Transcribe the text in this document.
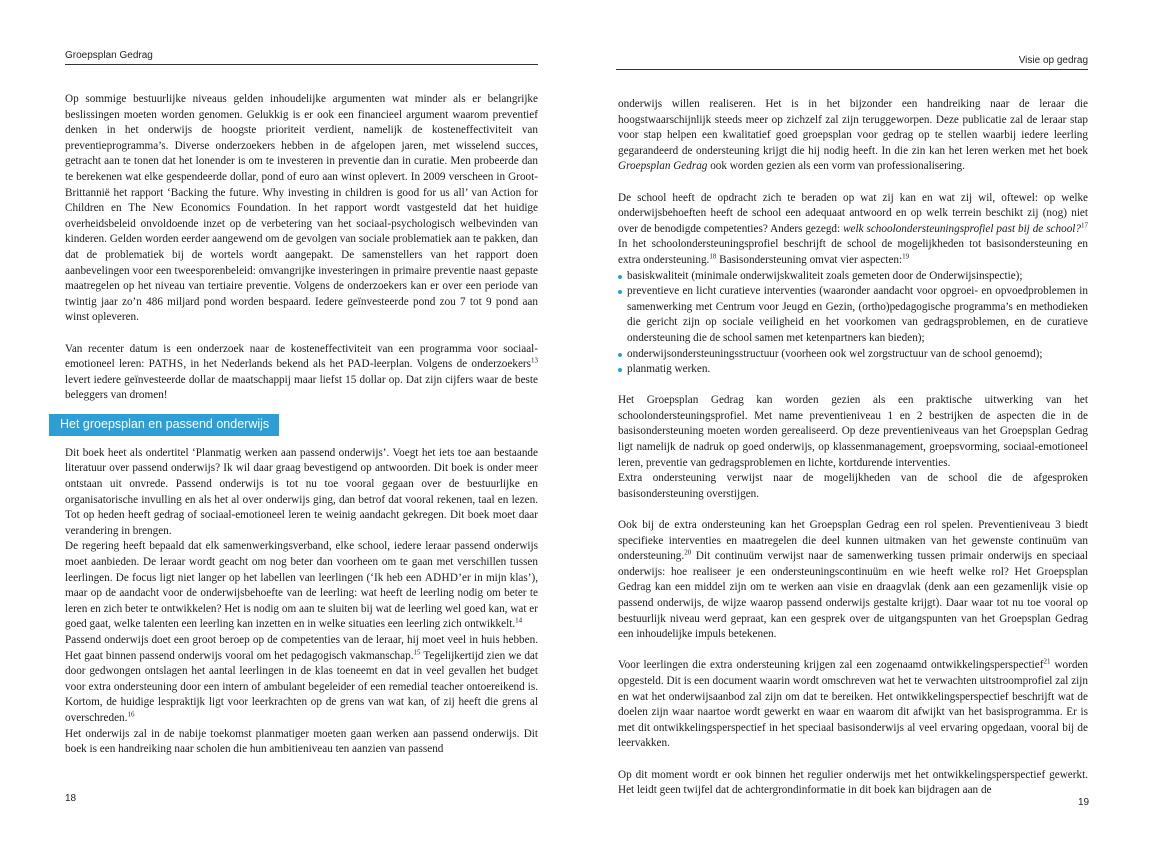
Groepsplan Gedrag

Op sommige bestuurlijke niveaus gelden inhoudelijke argumenten wat minder als er belangrijke beslissingen moeten worden genomen. Gelukkig is er ook een financieel argument waarom preventief denken in het onderwijs de hoogste prioriteit verdient, namelijk de kosteneffectiviteit van preventieprogramma’s. Diverse onderzoekers hebben in de afgelopen jaren, met wisselend succes, getracht aan te tonen dat het lonender is om te investeren in preventie dan in curatie. Men probeerde dan te berekenen wat elke gespendeerde dollar, pond of euro aan winst oplevert. In 2009 verscheen in Groot-Brittannië het rapport ‘Backing the future. Why investing in children is good for us all’ van Action for Children en The New Economics Foundation. In het rapport wordt vastgesteld dat het huidige overheidsbeleid onvoldoende inzet op de verbetering van het sociaal-psychologisch welbevinden van kinderen. Gelden worden eerder aangewend om de gevolgen van sociale problematiek aan te pakken, dan dat de problematiek bij de wortels wordt aangepakt. De samenstellers van het rapport doen aanbevelingen voor een tweesporenbeleid: omvangrijke investeringen in primaire preventie naast gepaste maatregelen op het niveau van tertiaire preventie. Volgens de onderzoekers kan er over een periode van twintig jaar zo’n 486 miljard pond worden bespaard. Iedere geïnvesteerde pond zou 7 tot 9 pond aan winst opleveren.

Van recenter datum is een onderzoek naar de kosteneffectiviteit van een programma voor sociaal-emotioneel leren: PATHS, in het Nederlands bekend als het PAD-leerplan. Volgens de onderzoekers$^{13}$ levert iedere geïnvesteerde dollar de maatschappij maar liefst 15 dollar op. Dat zijn cijfers waar de beste beleggers van dromen!

Het groepsplan en passend onderwijs

Dit boek heet als ondertitel ‘Planmatig werken aan passend onderwijs’. Voegt het iets toe aan bestaande literatuur over passend onderwijs? Ik wil daar graag bevestigend op antwoorden. Dit boek is onder meer ontstaan uit onvrede. Passend onderwijs is tot nu toe vooral gegaan over de bestuurlijke en organisatorische invulling en als het al over onderwijs ging, dan betrof dat vooral rekenen, taal en lezen. Tot op heden heeft gedrag of sociaal-emotioneel leren te weinig aandacht gekregen. Dit boek moet daar verandering in brengen.

De regering heeft bepaald dat elk samenwerkingsverband, elke school, iedere leraar passend onderwijs moet aanbieden. De leraar wordt geacht om nog beter dan voorheen om te gaan met verschillen tussen leerlingen. De focus ligt niet langer op het labellen van leerlingen (‘Ik heb een ADHD’er in mijn klas’), maar op de aandacht voor de onderwijsbehoefte van de leerling: wat heeft de leerling nodig om beter te leren en zich beter te ontwikkelen? Het is nodig om aan te sluiten bij wat de leerling wel goed kan, wat er goed gaat, welke talenten een leerling kan inzetten en in welke situaties een leerling zich ontwikkelt.$^{14}$

Passend onderwijs doet een groot beroep op de competenties van de leraar, hij moet veel in huis hebben. Het gaat binnen passend onderwijs vooral om het pedagogisch vakmanschap.$^{15}$ Tegelijkertijd zien we dat door gedwongen ontslagen het aantal leerlingen in de klas toeneemt en dat in veel gevallen het budget voor extra ondersteuning door een intern of ambulant begeleider of een remedial teacher ontoereikend is. Kortom, de huidige lespraktijk ligt voor leerkrachten op de grens van wat kan, of zij heeft die grens al overschreden.$^{16}$

Het onderwijs zal in de nabije toekomst planmatiger moeten gaan werken aan passend onderwijs. Dit boek is een handreiking naar scholen die hun ambitieniveau ten aanzien van passend

18
Visie op gedrag

onderwijs willen realiseren. Het is in het bijzonder een handreiking naar de leraar die hoogstwaarschijnlijk steeds meer op zichzelf zal zijn teruggeworpen. Deze publicatie zal de leraar stap voor stap helpen een kwalitatief goed groepsplan voor gedrag op te stellen waarbij iedere leerling gegarandeerd de ondersteuning krijgt die hij nodig heeft. In die zin kan het leren werken met het boek Groepsplan Gedrag ook worden gezien als een vorm van professionalisering.

De school heeft de opdracht zich te beraden op wat zij kan en wat zij wil, oftewel: op welke onderwijsbehoeften heeft de school een adequaat antwoord en op welk terrein beschikt zij (nog) niet over de benodigde competenties? Anders gezegd: welk schoolondersteuningsprofiel past bij de school?$^{17}$ In het schoolondersteuningsprofiel beschrijft de school de mogelijkheden tot basisondersteuning en extra ondersteuning.$^{18}$ Basisondersteuning omvat vier aspecten:$^{19}$

basiskwaliteit (minimale onderwijskwaliteit zoals gemeten door de Onderwijsinspectie);
preventieve en licht curatieve interventies (waaronder aandacht voor opgroei- en opvoedproblemen in samenwerking met Centrum voor Jeugd en Gezin, (ortho)pedagogische programma’s en methodieken die gericht zijn op sociale veiligheid en het voorkomen van gedragsproblemen, en de curatieve ondersteuning die de school samen met ketenpartners kan bieden);
onderwijsondersteuningsstructuur (voorheen ook wel zorgstructuur van de school genoemd);
planmatig werken.

Het Groepsplan Gedrag kan worden gezien als een praktische uitwerking van het schoolondersteuningsprofiel. Met name preventieniveau 1 en 2 bestrijken de aspecten die in de basisondersteuning moeten worden gerealiseerd. Op deze preventieniveaus van het Groepsplan Gedrag ligt namelijk de nadruk op goed onderwijs, op klassenmanagement, groepsvorming, sociaal-emotioneel leren, preventie van gedragsproblemen en lichte, kortdurende interventies.

Extra ondersteuning verwijst naar de mogelijkheden van de school die de afgesproken basisondersteuning overstijgen.

Ook bij de extra ondersteuning kan het Groepsplan Gedrag een rol spelen. Preventieniveau 3 biedt specifieke interventies en maatregelen die deel kunnen uitmaken van het gewenste continuüm van ondersteuning.$^{20}$ Dit continuüm verwijst naar de samenwerking tussen primair onderwijs en speciaal onderwijs: hoe realiseer je een ondersteuningscontinuüm en wie heeft welke rol? Het Groepsplan Gedrag kan een middel zijn om te werken aan visie en draagvlak (denk aan een gezamenlijk visie op passend onderwijs, de wijze waarop passend onderwijs gestalte krijgt). Daar waar tot nu toe vooral op bestuurlijk niveau werd gepraat, kan een gesprek over de uitgangspunten van het Groepsplan Gedrag een inhoudelijke impuls betekenen.

Voor leerlingen die extra ondersteuning krijgen zal een zogenaamd ontwikkelingsperspectief$^{21}$ worden opgesteld. Dit is een document waarin wordt omschreven wat het te verwachten uitstroomprofiel zal zijn en wat het onderwijsaanbod zal zijn om dat te bereiken. Het ontwikkelingsperspectief beschrijft wat de doelen zijn waar naartoe wordt gewerkt en waar en waarom dit afwijkt van het basisprogramma. Er is met dit ontwikkelingsperspectief in het speciaal basisonderwijs al veel ervaring opgedaan, vooral bij de leervakken.

Op dit moment wordt er ook binnen het regulier onderwijs met het ontwikkelingsperspectief gewerkt. Het leidt geen twijfel dat de achtergrondinformatie in dit boek kan bijdragen aan de

19
